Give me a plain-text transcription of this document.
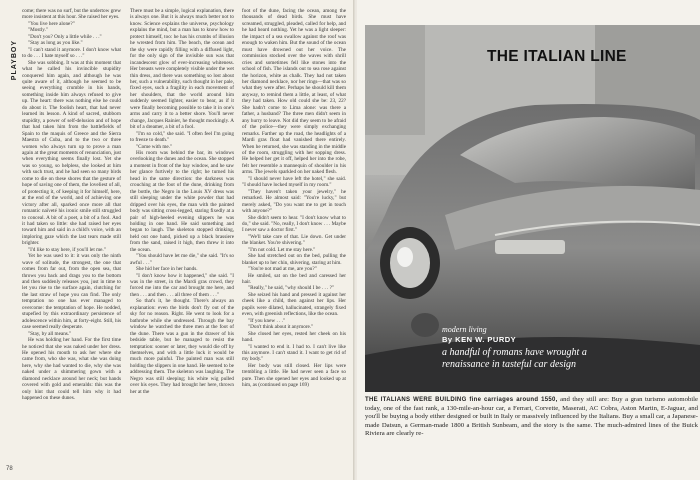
PLAYBOY

come; there was no surf, but the undertow grew more insistent at this hour. She raised her eyes.

"You live here alone?"

"Mostly."

"Don't you? Only a little while . . ."

"Stay as long as you like."

"I can't stand it anymore. I don't know what to do . . . I hate myself so . . ."

She was sobbing. It was at this moment that what he called his invincible stupidity conquered him again, and although he was quite aware of it, although he seemed to be seeing everything crumble in his hands, something inside him always refused to give up. The heart: there was nothing else he could do about it. The foolish heart, that had never learned its lesson. A kind of sacred, stubborn stupidity, a power of self-delusion and of hope that had taken him from the battlefields of Spain to the maquis of Greece and the Sierra Maestra of Cuba, and to the two or three women who always turn up to prove a man again at the great moments of renunciation, just when everything seems finally lost. Yet she was so young, so helpless, she looked at him with such trust, and he had seen so many birds come to die on these shores that the gesture of hope of saving one of them, the loveliest of all, of protecting it, of keeping it for himself, here, at the end of the world, and of achieving one victory after all, sparked once more all that romantic naïveté his ironic smile still struggled to conceal. A bit of a poet, a bit of a fool. And it had taken so little: she had raised her eyes toward him and said in a child's voice, with an imploring gaze which the last tears made still brighter.

"I'd like to stay here, if you'll let me."

Yet he was used to it: it was only the ninth wave of solitude, the strongest, the one that comes from far out, from the open sea, that throws you back and drags you to the bottom and then suddenly releases you, just in time to let you rise to the surface again, clutching for the last straw of hope you can find. The only temptation no one has ever managed to overcome: the temptation of hope. He nodded, stupefied by this extraordinary persistence of adolescence within him, at forty-eight. Still, his case seemed really desperate.

"Stay, by all means."

He was holding her hand. For the first time he noticed that she was naked under her dress. He opened his mouth to ask her where she came from, who she was, what she was doing here, why she had wanted to die, why she was naked under a shimmering gown with a diamond necklace around her neck; but hands covered with gold and emeralds: this was the only hint that could tell him why it had happened on these dunes.

There must be a simple, logical explanation, there is always one. But it is always much better not to know. Science explains the universe, psychology explains the mind, but a man has to know how to protect himself, too: he has his crumbs of illusion he wrested from him. The beach, the ocean and the sky were rapidly filling with a diffused light, for the only sign of the invisible sun was that incandescent glow of ever-increasing whiteness. Her breasts were completely visible under the wet thin dress, and there was something so lost about her, such a vulnerability, such thought in her pale, fixed eyes, such a fragility in each movement of her shoulders, that the world around him suddenly seemed lighter, easier to bear, as if it were finally becoming possible to take it in one's arms and carry it to a better shore. You'll never change, Jacques Rainier, he thought mockingly. A bit of a dreamer, a bit of a fool.

"I'm so cold," she said. "I often feel I'm going to freeze to death."

"Come with me."

His room was behind the bar, its windows overlooking the dunes and the ocean. She stopped a moment in front of the bay window, and he saw her glance furtively to the right; he turned his head in the same direction: the darkness was crouching at the foot of the dune, drinking from the bottle, the Negro in the Louis XV dress was still sleeping under the white powder that had dripped over his eyes, the man with the painted body was sitting cross-legged, staring fixedly at a pair of high-heeled evening slippers he was holding in one hand. He said something and began to laugh. The skeleton stopped drinking, held out one hand, picked up a black brassiere from the sand, raised it high, then threw it into the ocean.

"You should have let me die," she said. "It's so awful . . ."

She hid her face in her hands.

"I don't know how it happened," she said. "I was in the street, in the Mardi gras crowd, they forced me into the car and brought me here, and then . . . and then . . . all three of them . . ."

So that's it, he thought. There's always an explanation: even the birds don't fly out of the sky for no reason. Right. He went to look for a bathrobe while she undressed. Through the bay window he watched the three men at the foot of the dune. There was a gun in the drawer of his bedside table, but he managed to resist the temptation: sooner or later, they would die off by themselves, and with a little luck it would be much more painful. The painted man was still holding the slippers in one hand. He seemed to be addressing them. The skeleton was laughing. The Negro was still sleeping; his white wig pulled over his eyes. They had brought her here, thrown her at the

foot of the dune, facing the ocean, among the thousands of dead birds. She must have screamed, struggled, pleaded, called for help, and he had heard nothing. Yet he was a light sleeper: the impact of a sea swallow against the roof was enough to waken him. But the sound of the ocean must have drowned out her voice. The commission stocked over the waves with shrill cries and sometimes fell like stones into the school of fish. The islands out to sea rose against the horizon, white as chalk. They had not taken her diamond necklace, nor her rings—that was so what they were after. Perhaps he should kill them anyway, to remind them a little, at least, of what they had taken. How old could she be: 23, 22? She hadn't come to Lima alone: was there a father, a husband? The three men didn't seem in any hurry to leave. Not did they seem to be afraid of the police—they were simply exchanging remarks. Farther up the road, the headlights of a Mardi gras float had vanished there entirely. When he returned, she was standing in the middle of the room, struggling with her sopping dress. He helped her get it off, helped her into the robe, felt her resemble a mannequin of shoulder in his arms. The jewels sparkled on her naked flesh.

"I should never have left the hotel," she said. "I should have locked myself in my room."

"They haven't taken your jewelry," he remarked. He almost said: "You're lucky," but merely asked, "Do you want me to get in touch with anyone?"

She didn't seem to hear. "I don't know what to do," she said. "No, really, I don't know . . . Maybe I never saw a doctor first."

"We'll take care of that. Lie down. Get under the blanket. You're shivering."

"I'm not cold. Let me stay here."

She had stretched out on the bed, pulling the blanket up to her chin, shivering, staring at him.

"You're not mad at me, are you?"

He smiled, sat on the bed and caressed her hair.

"Really," he said, "why should I be . . . ?"

She seized his hand and pressed it against her cheek like a child, then against her lips. Her pupils were dilated, hallucinated, strangely fixed even, with greenish reflections, like the ocean.

"If you knew . . ."

"Don't think about it anymore."

She closed her eyes, rested her cheek on his hand.

"I wanted to end it. I had to. I can't live like this anymore. I can't stand it. I want to get rid of my body."

Her body was still closed. Her lips were trembling a little. He had never seen a face so pure. Then she opened her eyes and looked up at him, as (continued on page 169)

78
modern living
By KEN W. PURDY
a handful of romans have wrought a renaissance in tasteful car design
THE ITALIAN LINE

THE ITALIANS WERE BUILDING fine carriages around 1550, and they still are: Buy a gran turismo automobile today, one of the fast rank, a 130-mile-an-hour car, a Ferrari, Corvette, Maserati, AC Cobra, Aston Martin, E-Jaguar, and you'll be buying a body either designed or built in Italy or massively influenced by the Italians. Buy a small car, a Japanese-made Datsun, a German-made 1800 a British Sunbeam, and the story is the same. The much-admired lines of the Buick Riviera are clearly re-
